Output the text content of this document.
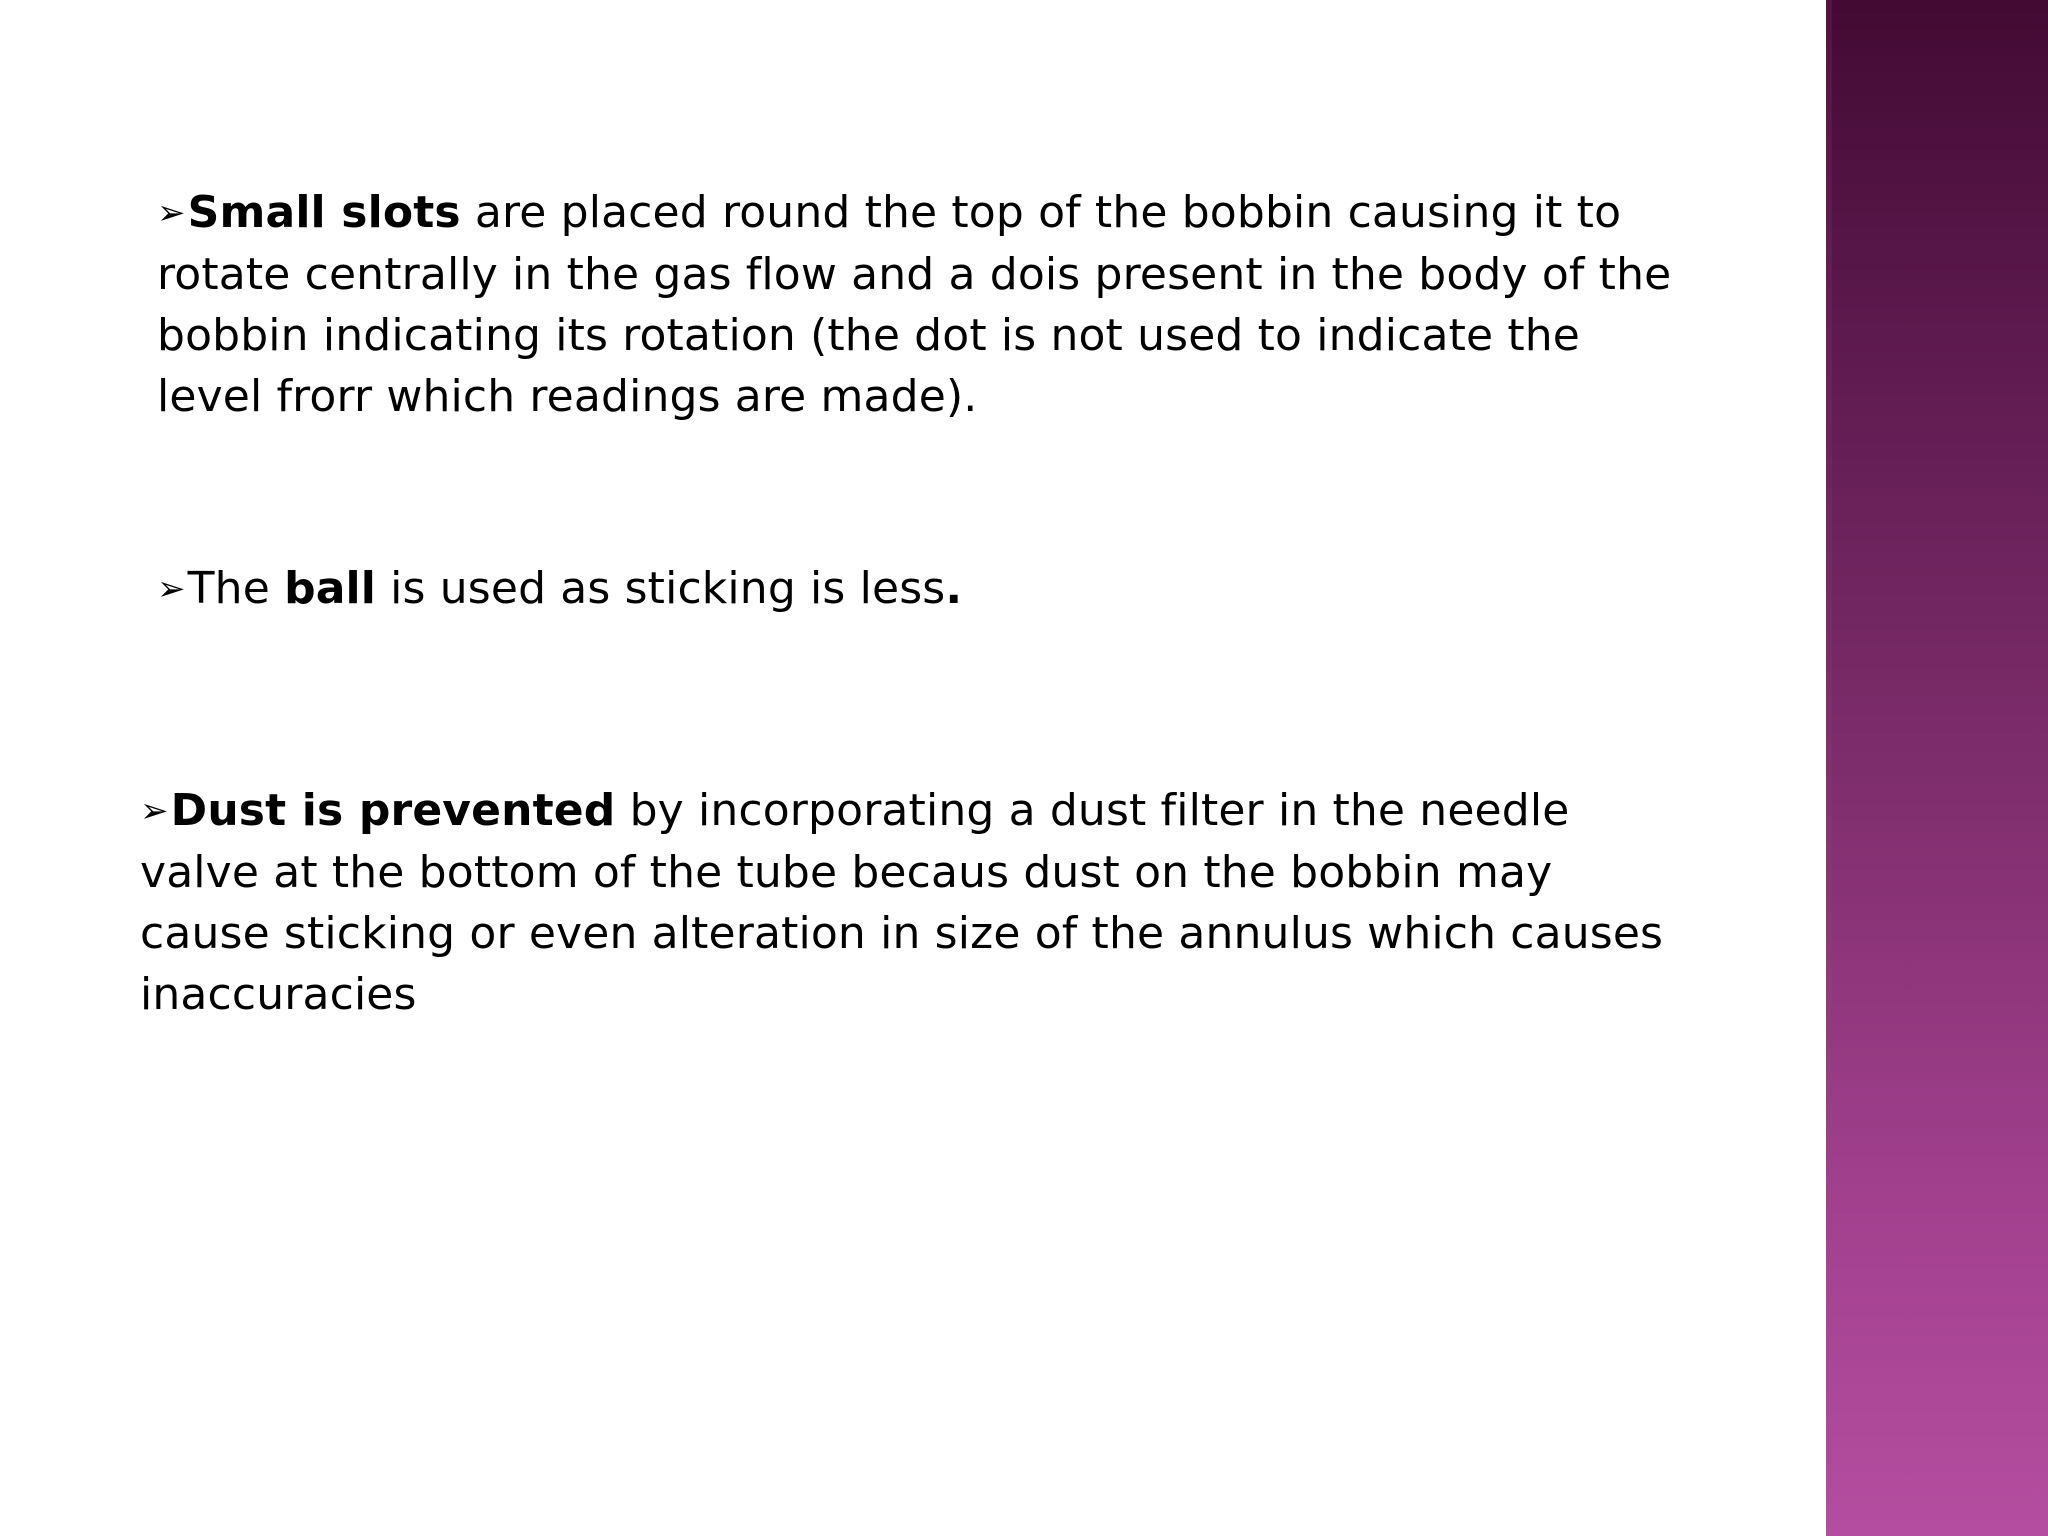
➢Small slots are placed round the top of the bobbin causing it to
rotate centrally in the gas flow and a dois present in the body of the
bobbin indicating its rotation (the dot is not used to indicate the
level frorr which readings are made).
➢The ball is used as sticking is less.
➢Dust is prevented by incorporating a dust filter in the needle
valve at the bottom of the tube becaus dust on the bobbin may
cause sticking or even alteration in size of the annulus which causes
inaccuracies
